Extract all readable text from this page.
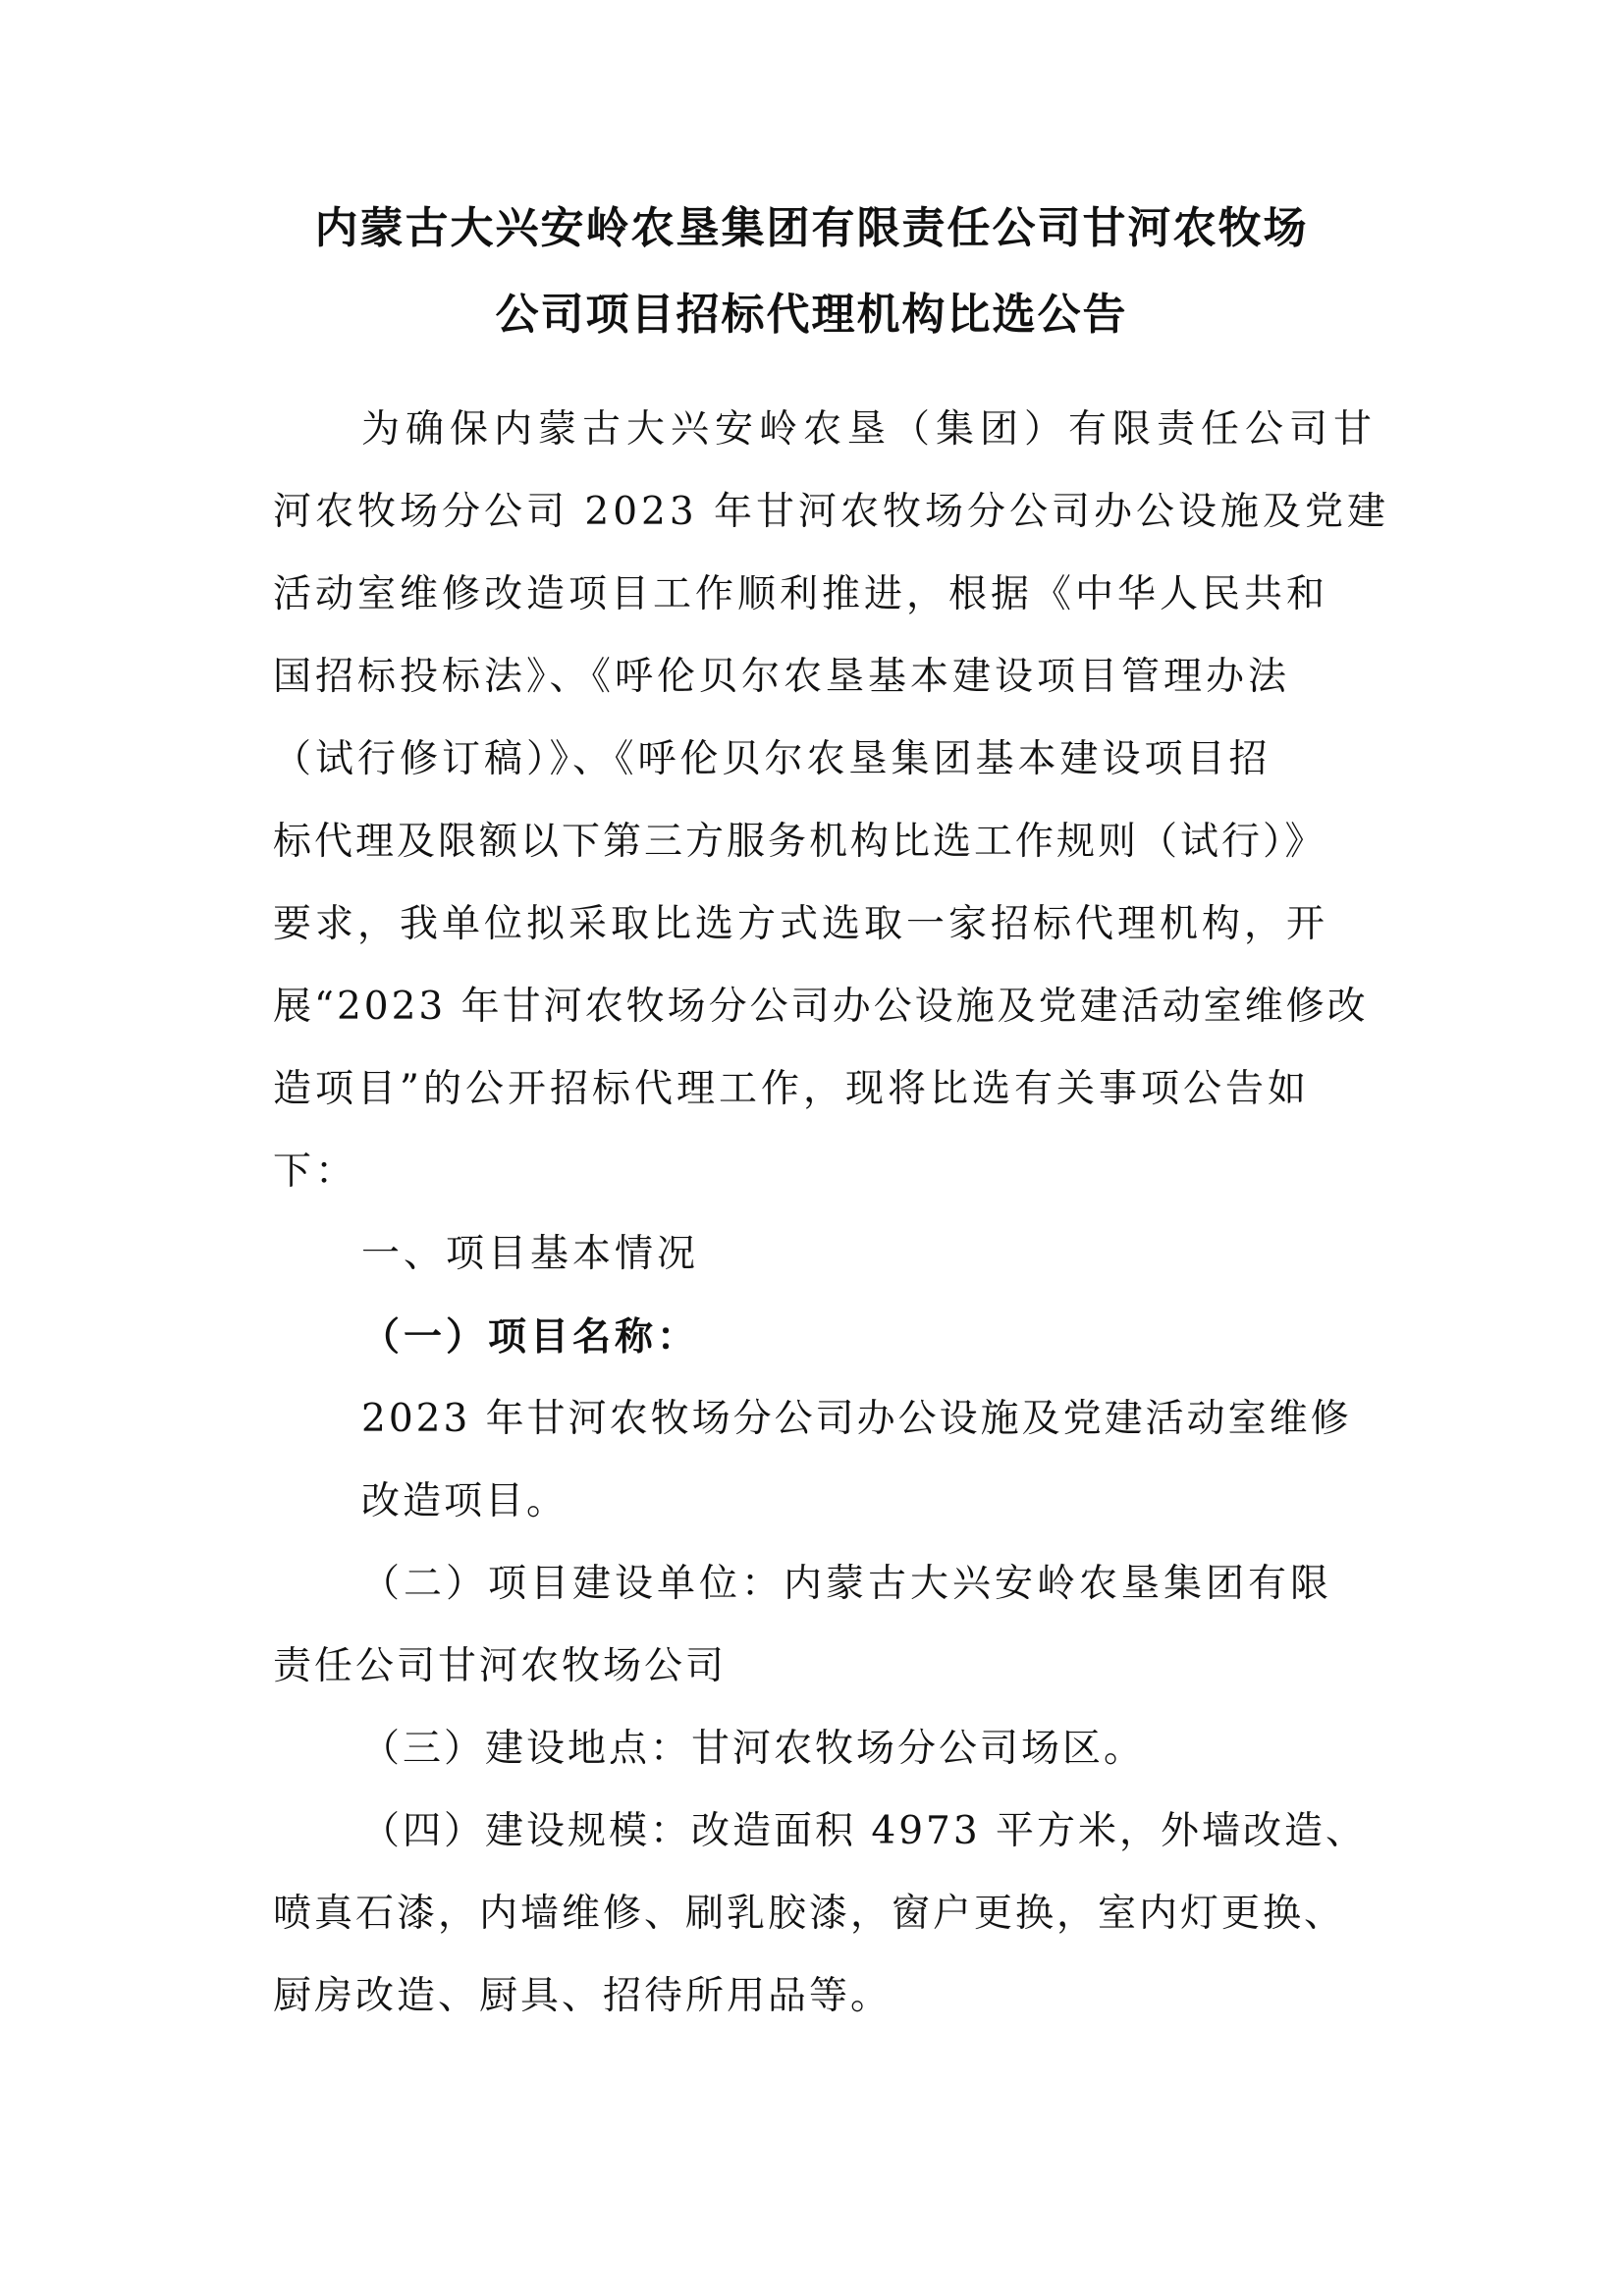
内蒙古大兴安岭农垦集团有限责任公司甘河农牧场
公司项目招标代理机构比选公告

为确保内蒙古大兴安岭农垦（集团）有限责任公司甘

河农牧场分公司 2023 年甘河农牧场分公司办公设施及党建

活动室维修改造项目工作顺利推进，根据《中华人民共和

国招标投标法》、《呼伦贝尔农垦基本建设项目管理办法

（试行修订稿）》、《呼伦贝尔农垦集团基本建设项目招

标代理及限额以下第三方服务机构比选工作规则（试行）》

要求，我单位拟采取比选方式选取一家招标代理机构，开

展“2023 年甘河农牧场分公司办公设施及党建活动室维修改

造项目”的公开招标代理工作，现将比选有关事项公告如

下：

一、项目基本情况

（一）项目名称：

2023 年甘河农牧场分公司办公设施及党建活动室维修

改造项目。

（二）项目建设单位：内蒙古大兴安岭农垦集团有限

责任公司甘河农牧场公司

（三）建设地点：甘河农牧场分公司场区。

（四）建设规模：改造面积 4973 平方米，外墙改造、

喷真石漆，内墙维修、刷乳胶漆，窗户更换，室内灯更换、

厨房改造、厨具、招待所用品等。
